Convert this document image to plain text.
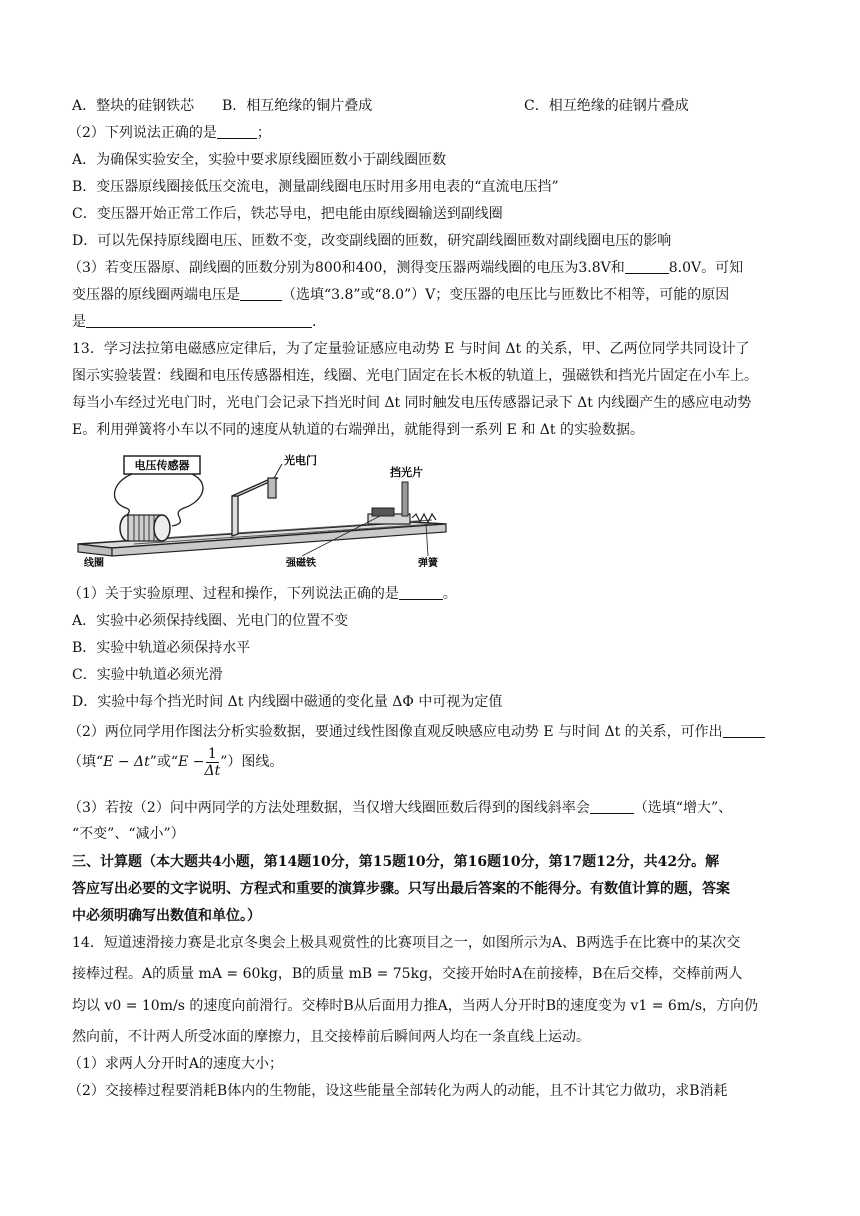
A．整块的硅钢铁芯 B．相互绝缘的铜片叠成	C．相互绝缘的硅钢片叠成
（2）下列说法正确的是	；
A．为确保实验安全，实验中要求原线圈匝数小于副线圈匝数
B．变压器原线圈接低压交流电，测量副线圈电压时用多用电表的“直流电压挡”
C．变压器开始正常工作后，铁芯导电，把电能由原线圈输送到副线圈
D．可以先保持原线圈电压、匝数不变，改变副线圈的匝数，研究副线圈匝数对副线圈电压的影响
（3）若变压器原、副线圈的匝数分别为800和400，测得变压器两端线圈的电压为3.8V和	8.0V。可知
变压器的原线圈两端电压是	（选填“3.8”或“8.0”）V；变压器的电压比与匝数比不相等，可能的原因
是	.
13．学习法拉第电磁感应定律后，为了定量验证感应电动势 E 与时间 Δt 的关系，甲、乙两位同学共同设计了
图示实验装置：线圈和电压传感器相连，线圈、光电门固定在长木板的轨道上，强磁铁和挡光片固定在小车上。
每当小车经过光电门时，光电门会记录下挡光时间 Δt 同时触发电压传感器记录下 Δt 内线圈产生的感应电动势
E。利用弹簧将小车以不同的速度从轨道的右端弹出，就能得到一系列 E 和 Δt 的实验数据。
（1）关于实验原理、过程和操作，下列说法正确的是	。
A．实验中必须保持线圈、光电门的位置不变
B．实验中轨道必须保持水平
C．实验中轨道必须光滑
D．实验中每个挡光时间 Δt 内线圈中磁通的变化量 ΔΦ 中可视为定值
（2）两位同学用作图法分析实验数据，要通过线性图像直观反映感应电动势 E 与时间 Δt 的关系，可作出
（填“E − Δt”或“$E - \frac{1}{\Delta t}$ ”）图线。
（3）若按（2）问中两同学的方法处理数据，当仅增大线圈匝数后得到的图线斜率会	（选填“增大”、
“不变”、“减小”）
三、计算题（本大题共4小题，第14题10分，第15题10分，第16题10分，第17题12分，共42分。解
答应写出必要的文字说明、方程式和重要的演算步骤。只写出最后答案的不能得分。有数值计算的题，答案
中必须明确写出数值和单位。）
14．短道速滑接力赛是北京冬奥会上极具观赏性的比赛项目之一，如图所示为A、B两选手在比赛中的某次交
接棒过程。A的质量 mA = 60kg，B的质量 mB = 75kg，交接开始时A在前接棒，B在后交棒，交棒前两人
均以 v0 = 10m/s 的速度向前滑行。交棒时B从后面用力推A，当两人分开时B的速度变为 v1 = 6m/s，方向仍
然向前，不计两人所受冰面的摩擦力，且交接棒前后瞬间两人均在一条直线上运动。
（1）求两人分开时A的速度大小；
（2）交接棒过程要消耗B体内的生物能，设这些能量全部转化为两人的动能，且不计其它力做功，求B消耗
电压传感器	光电门
挡光片
线圈	强磁铁	弹簧
